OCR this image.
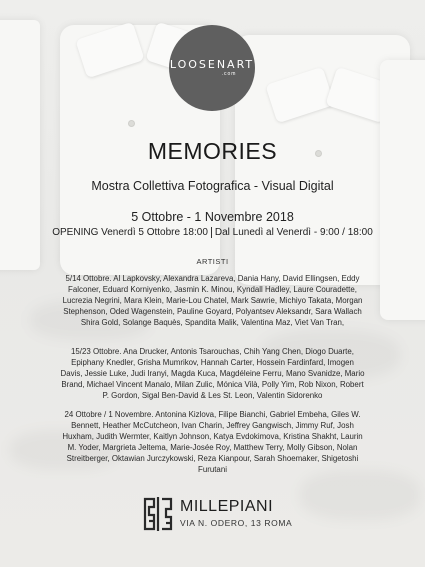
LOOSENART
.com
MEMORIES
Mostra Collettiva Fotografica - Visual Digital
5 Ottobre - 1 Novembre 2018
OPENING Venerdì 5 Ottobre 18:00 Dal Lunedì al Venerdì - 9:00 / 18:00
ARTISTI
5/14 Ottobre. Al Lapkovsky, Alexandra Lazareva, Dania Hany, David Ellingsen, Eddy Falconer, Eduard Korniyenko, Jasmin K. Minou, Kyndall Hadley, Laure Couradette, Lucrezia Negrini, Mara Klein, Marie-Lou Chatel, Mark Sawrie, Michiyo Takata, Morgan Stephenson, Oded Wagenstein, Pauline Goyard, Polyantsev Aleksandr, Sara Wallach Shira Gold, Solange Baquès, Spandita Malik, Valentina Maz, Viet Van Tran,
15/23 Ottobre. Ana Drucker, Antonis Tsarouchas, Chih Yang Chen, Diogo Duarte, Epiphany Knedler, Grisha Mumrikov, Hannah Carter, Hossein Fardinfard, Imogen Davis, Jessie Luke, Judi Iranyi, Magda Kuca, Magdéleine Ferru, Mano Svanidze, Mario Brand, Michael Vincent Manalo, Milan Zulic, Mónica Vilà, Polly Yim, Rob Nixon, Robert P. Gordon, Sigal Ben-David & Les St. Leon, Valentin Sidorenko
24 Ottobre / 1 Novembre. Antonina Kizlova, Filipe Bianchi, Gabriel Embeha, Giles W. Bennett, Heather McCutcheon, Ivan Charin, Jeffrey Gangwisch, Jimmy Ruf, Josh Huxham, Judith Wermter, Kaitlyn Johnson, Katya Evdokimova, Kristina Shakht, Laurin M. Yoder, Margrieta Jeltema, Marie-Josée Roy, Matthew Terry, Molly Gibson, Nolan Streitberger, Oktawian Jurczykowski, Reza Kianpour, Sarah Shoemaker, Shigetoshi Furutani
MILLEPIANI
VIA N. ODERO, 13 ROMA
